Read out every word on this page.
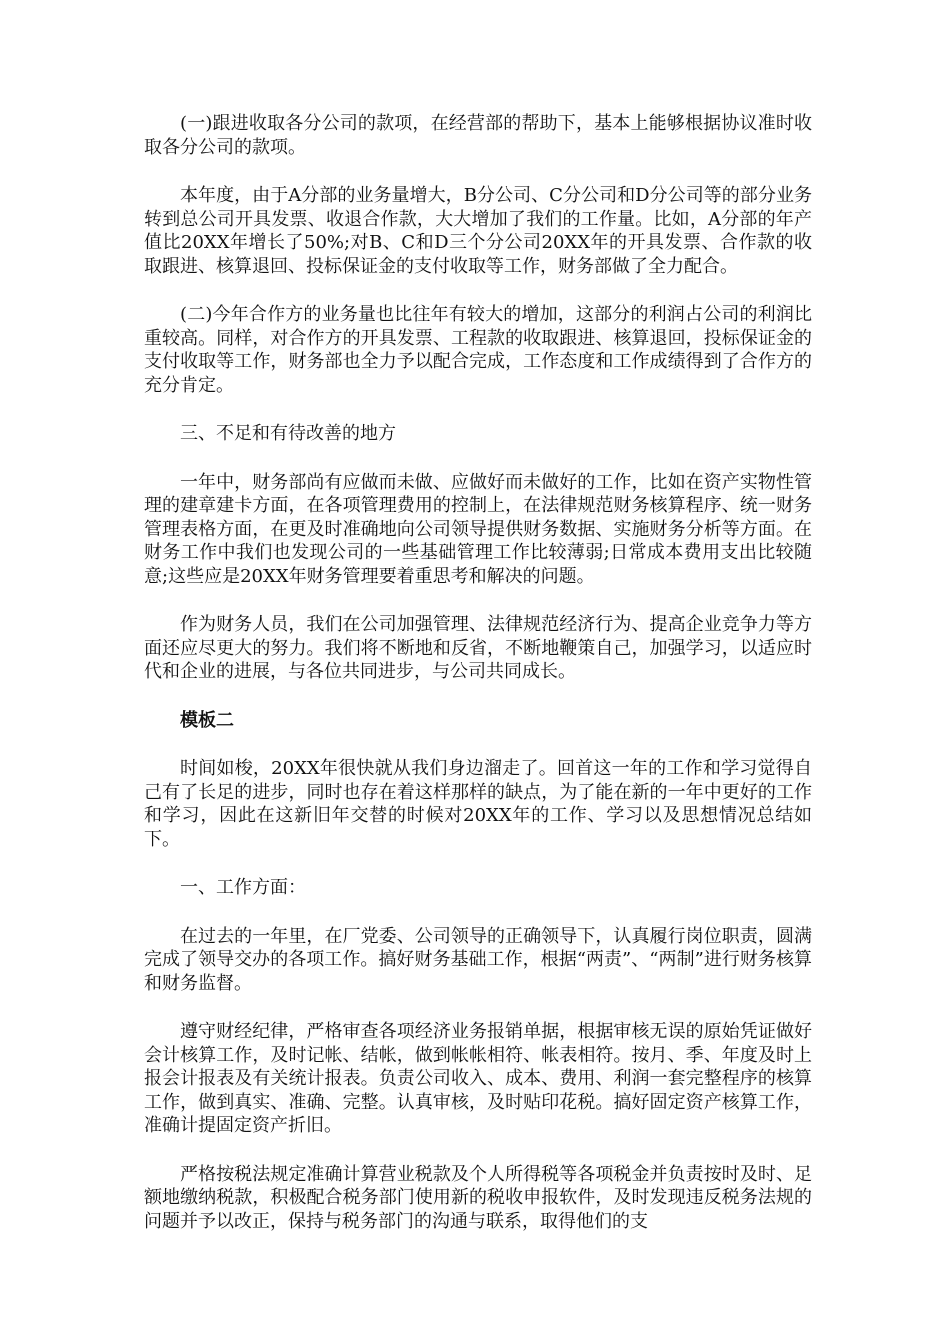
(一)跟进收取各分公司的款项，在经营部的帮助下，基本上能够根据协议准时收取各分公司的款项。

本年度，由于A分部的业务量增大，B分公司、C分公司和D分公司等的部分业务转到总公司开具发票、收退合作款，大大增加了我们的工作量。比如，A分部的年产值比20XX年增长了50%;对B、C和D三个分公司20XX年的开具发票、合作款的收取跟进、核算退回、投标保证金的支付收取等工作，财务部做了全力配合。

(二)今年合作方的业务量也比往年有较大的增加，这部分的利润占公司的利润比重较高。同样，对合作方的开具发票、工程款的收取跟进、核算退回，投标保证金的支付收取等工作，财务部也全力予以配合完成，工作态度和工作成绩得到了合作方的充分肯定。

三、不足和有待改善的地方

一年中，财务部尚有应做而未做、应做好而未做好的工作，比如在资产实物性管理的建章建卡方面，在各项管理费用的控制上，在法律规范财务核算程序、统一财务管理表格方面，在更及时准确地向公司领导提供财务数据、实施财务分析等方面。在财务工作中我们也发现公司的一些基础管理工作比较薄弱;日常成本费用支出比较随意;这些应是20XX年财务管理要着重思考和解决的问题。

作为财务人员，我们在公司加强管理、法律规范经济行为、提高企业竞争力等方面还应尽更大的努力。我们将不断地和反省，不断地鞭策自己，加强学习，以适应时代和企业的进展，与各位共同进步，与公司共同成长。

模板二

时间如梭，20XX年很快就从我们身边溜走了。回首这一年的工作和学习觉得自己有了长足的进步，同时也存在着这样那样的缺点，为了能在新的一年中更好的工作和学习，因此在这新旧年交替的时候对20XX年的工作、学习以及思想情况总结如下。

一、工作方面：

在过去的一年里，在厂党委、公司领导的正确领导下，认真履行岗位职责，圆满完成了领导交办的各项工作。搞好财务基础工作，根据“两责”、“两制”进行财务核算和财务监督。

遵守财经纪律，严格审查各项经济业务报销单据，根据审核无误的原始凭证做好会计核算工作，及时记帐、结帐，做到帐帐相符、帐表相符。按月、季、年度及时上报会计报表及有关统计报表。负责公司收入、成本、费用、利润一套完整程序的核算工作，做到真实、准确、完整。认真审核，及时贴印花税。搞好固定资产核算工作，准确计提固定资产折旧。

严格按税法规定准确计算营业税款及个人所得税等各项税金并负责按时及时、足额地缴纳税款，积极配合税务部门使用新的税收申报软件，及时发现违反税务法规的问题并予以改正，保持与税务部门的沟通与联系，取得他们的支
